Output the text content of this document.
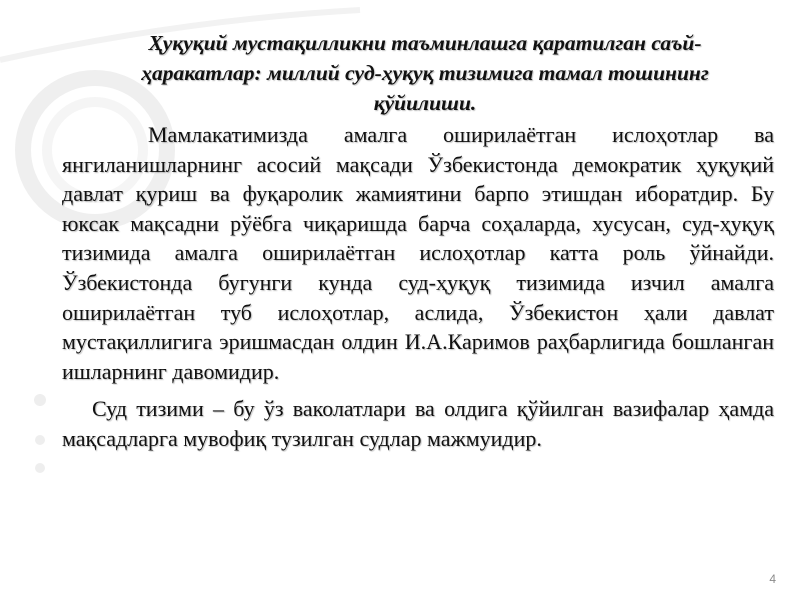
Ҳуқуқий мустақилликни таъминлашга қаратилган саъй-
ҳаракатлар: миллий суд-ҳуқуқ тизимига тамал тошининг
қўйилиши.

Мамлакатимизда амалга оширилаётган ислоҳотлар ва янгиланишларнинг асосий мақсади Ўзбекистонда демократик ҳуқуқий давлат қуриш ва фуқаролик жамиятини барпо этишдан иборатдир. Бу юксак мақсадни рўёбга чиқаришда барча соҳаларда, хусусан, суд-ҳуқуқ тизимида амалга оширилаётган ислоҳотлар катта роль ўйнайди. Ўзбекистонда бугунги кунда суд-ҳуқуқ тизимида изчил амалга оширилаётган туб ислоҳотлар, аслида, Ўзбекистон ҳали давлат мустақиллигига эришмасдан олдин И.А.Каримов раҳбарлигида бошланган ишларнинг давомидир.

Суд тизими – бу ўз ваколатлари ва олдига қўйилган вазифалар ҳамда мақсадларга мувофиқ тузилган судлар мажмуидир.

4
